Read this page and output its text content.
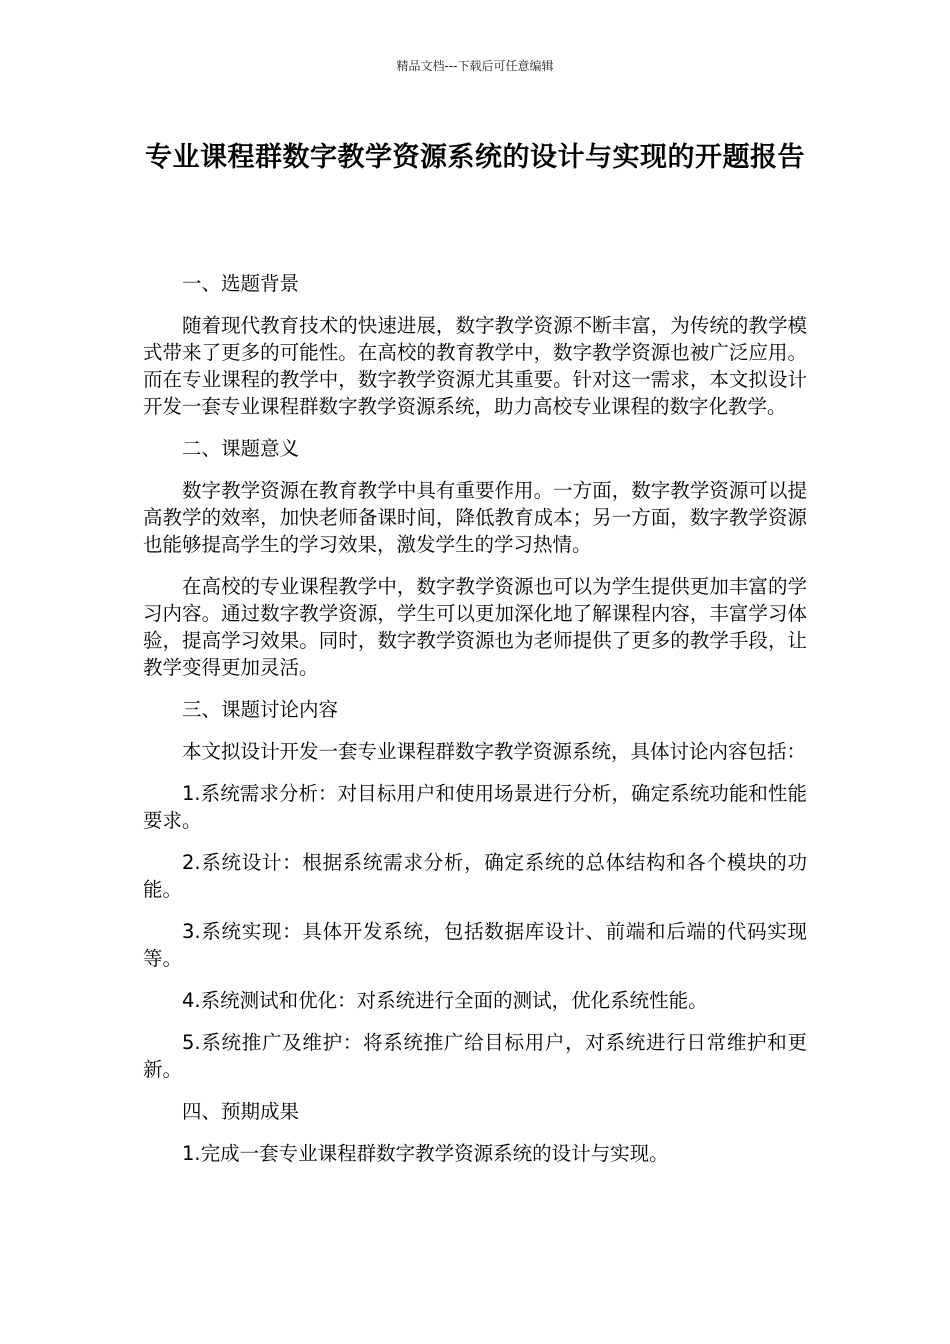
精品文档---下载后可任意编辑
专业课程群数字教学资源系统的设计与实现的开题报告

一、选题背景

随着现代教育技术的快速进展，数字教学资源不断丰富，为传统的教学模式带来了更多的可能性。在高校的教育教学中，数字教学资源也被广泛应用。而在专业课程的教学中，数字教学资源尤其重要。针对这一需求，本文拟设计开发一套专业课程群数字教学资源系统，助力高校专业课程的数字化教学。

二、课题意义

数字教学资源在教育教学中具有重要作用。一方面，数字教学资源可以提高教学的效率，加快老师备课时间，降低教育成本；另一方面，数字教学资源也能够提高学生的学习效果，激发学生的学习热情。

在高校的专业课程教学中，数字教学资源也可以为学生提供更加丰富的学习内容。通过数字教学资源，学生可以更加深化地了解课程内容，丰富学习体验，提高学习效果。同时，数字教学资源也为老师提供了更多的教学手段，让教学变得更加灵活。

三、课题讨论内容

本文拟设计开发一套专业课程群数字教学资源系统，具体讨论内容包括：

1.系统需求分析：对目标用户和使用场景进行分析，确定系统功能和性能要求。

2.系统设计：根据系统需求分析，确定系统的总体结构和各个模块的功能。

3.系统实现：具体开发系统，包括数据库设计、前端和后端的代码实现等。

4.系统测试和优化：对系统进行全面的测试，优化系统性能。

5.系统推广及维护：将系统推广给目标用户，对系统进行日常维护和更新。

四、预期成果

1.完成一套专业课程群数字教学资源系统的设计与实现。
